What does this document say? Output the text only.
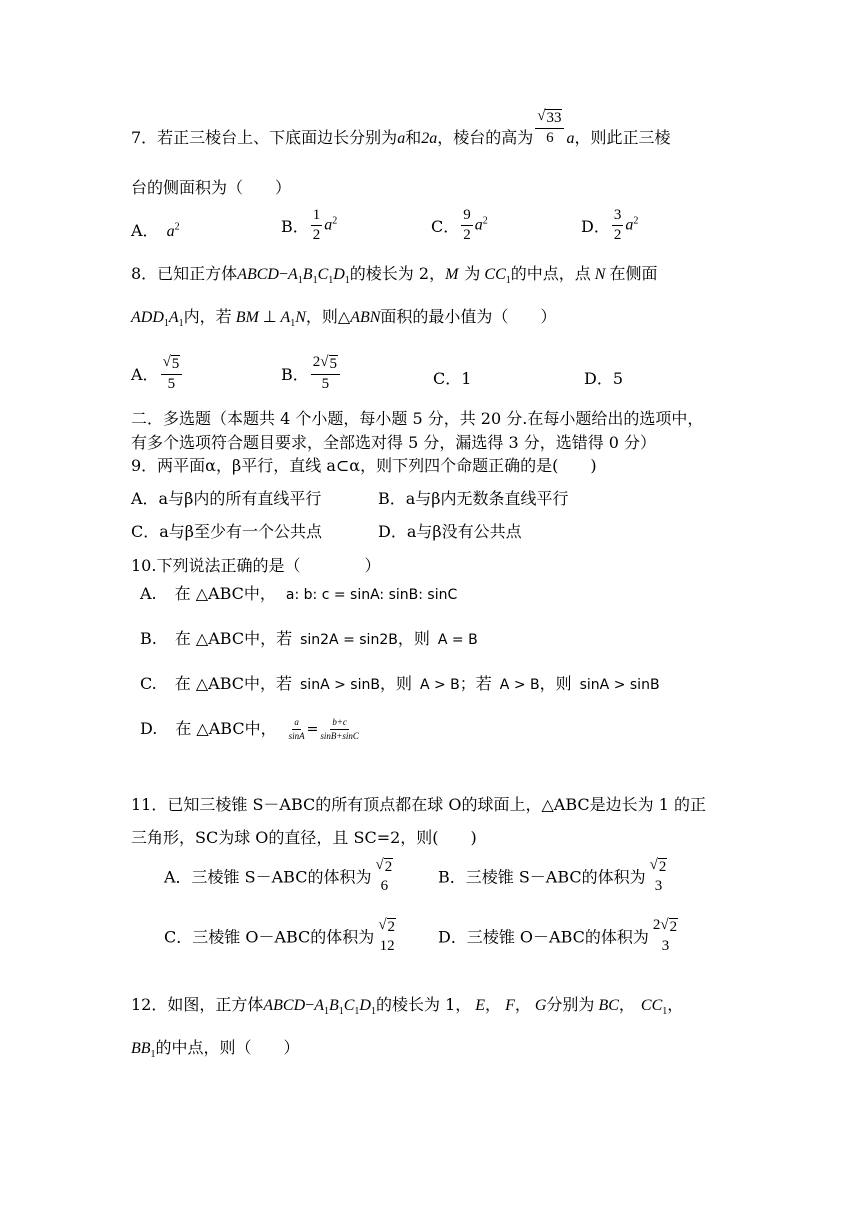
7．若正三棱台上、下底面边长分别为a和2a，棱台的高为 $\frac{√ 33}{6}$ a，则此正三棱
台的侧面积为（　　）
A． $a^2$	B． $\frac{1}{2} a^2$	C． $\frac{9}{2} a^2$	D． $\frac{3}{2} a^2$
8．已知正方体$ABCD-A_1B_1C_1D_1$的棱长为 2，M 为 $CC_1$的中点，点 N 在侧面
$ADD_1A_1$内，若 BM ⊥ $A_1N$，则△ABN面积的最小值为（　　）
A． $\frac{√ 5}{5}$	B． $\frac{2 √ 5}{5}$	C．1	D．5
二．多选题（本题共 4 个小题，每小题 5 分，共 20 分.在每小题给出的选项中，
有多个选项符合题目要求，全部选对得 5 分，漏选得 3 分，选错得 0 分）
9．两平面α，β平行，直线 a⊂α，则下列四个命题正确的是(　　)
A．a与β内的所有直线平行	B．a与β内无数条直线平行
C．a与β至少有一个公共点	D．a与β没有公共点
10.下列说法正确的是（　　　　）
A. 在 △ABC中， a: b: c = sinA: sinB: sinC
B. 在 △ABC中，若 sin2A = sin2B，则 A = B
C. 在 △ABC中，若 sinA > sinB，则 A > B；若 A > B，则 sinA > sinB
D. 在 △ABC中， $\frac{a}{\sin A} = \frac{b+c}{\sin B+\sin C}$
11．已知三棱锥 S－ABC的所有顶点都在球 O的球面上，△ABC是边长为 1 的正
三角形，SC为球 O的直径，且 SC=2，则(　　)
A．三棱锥 S－ABC的体积为
√ 2
6	B．三棱锥 S－ABC的体积为
√ 2
3
C．三棱锥 O－ABC的体积为
√ 2
12	D．三棱锥 O－ABC的体积为
2 √ 2
3
12．如图，正方体$ABCD-A_1B_1C_1D_1$的棱长为 1， E， F， G分别为 BC， $CC_1$，
$BB_1$的中点，则（　　）
